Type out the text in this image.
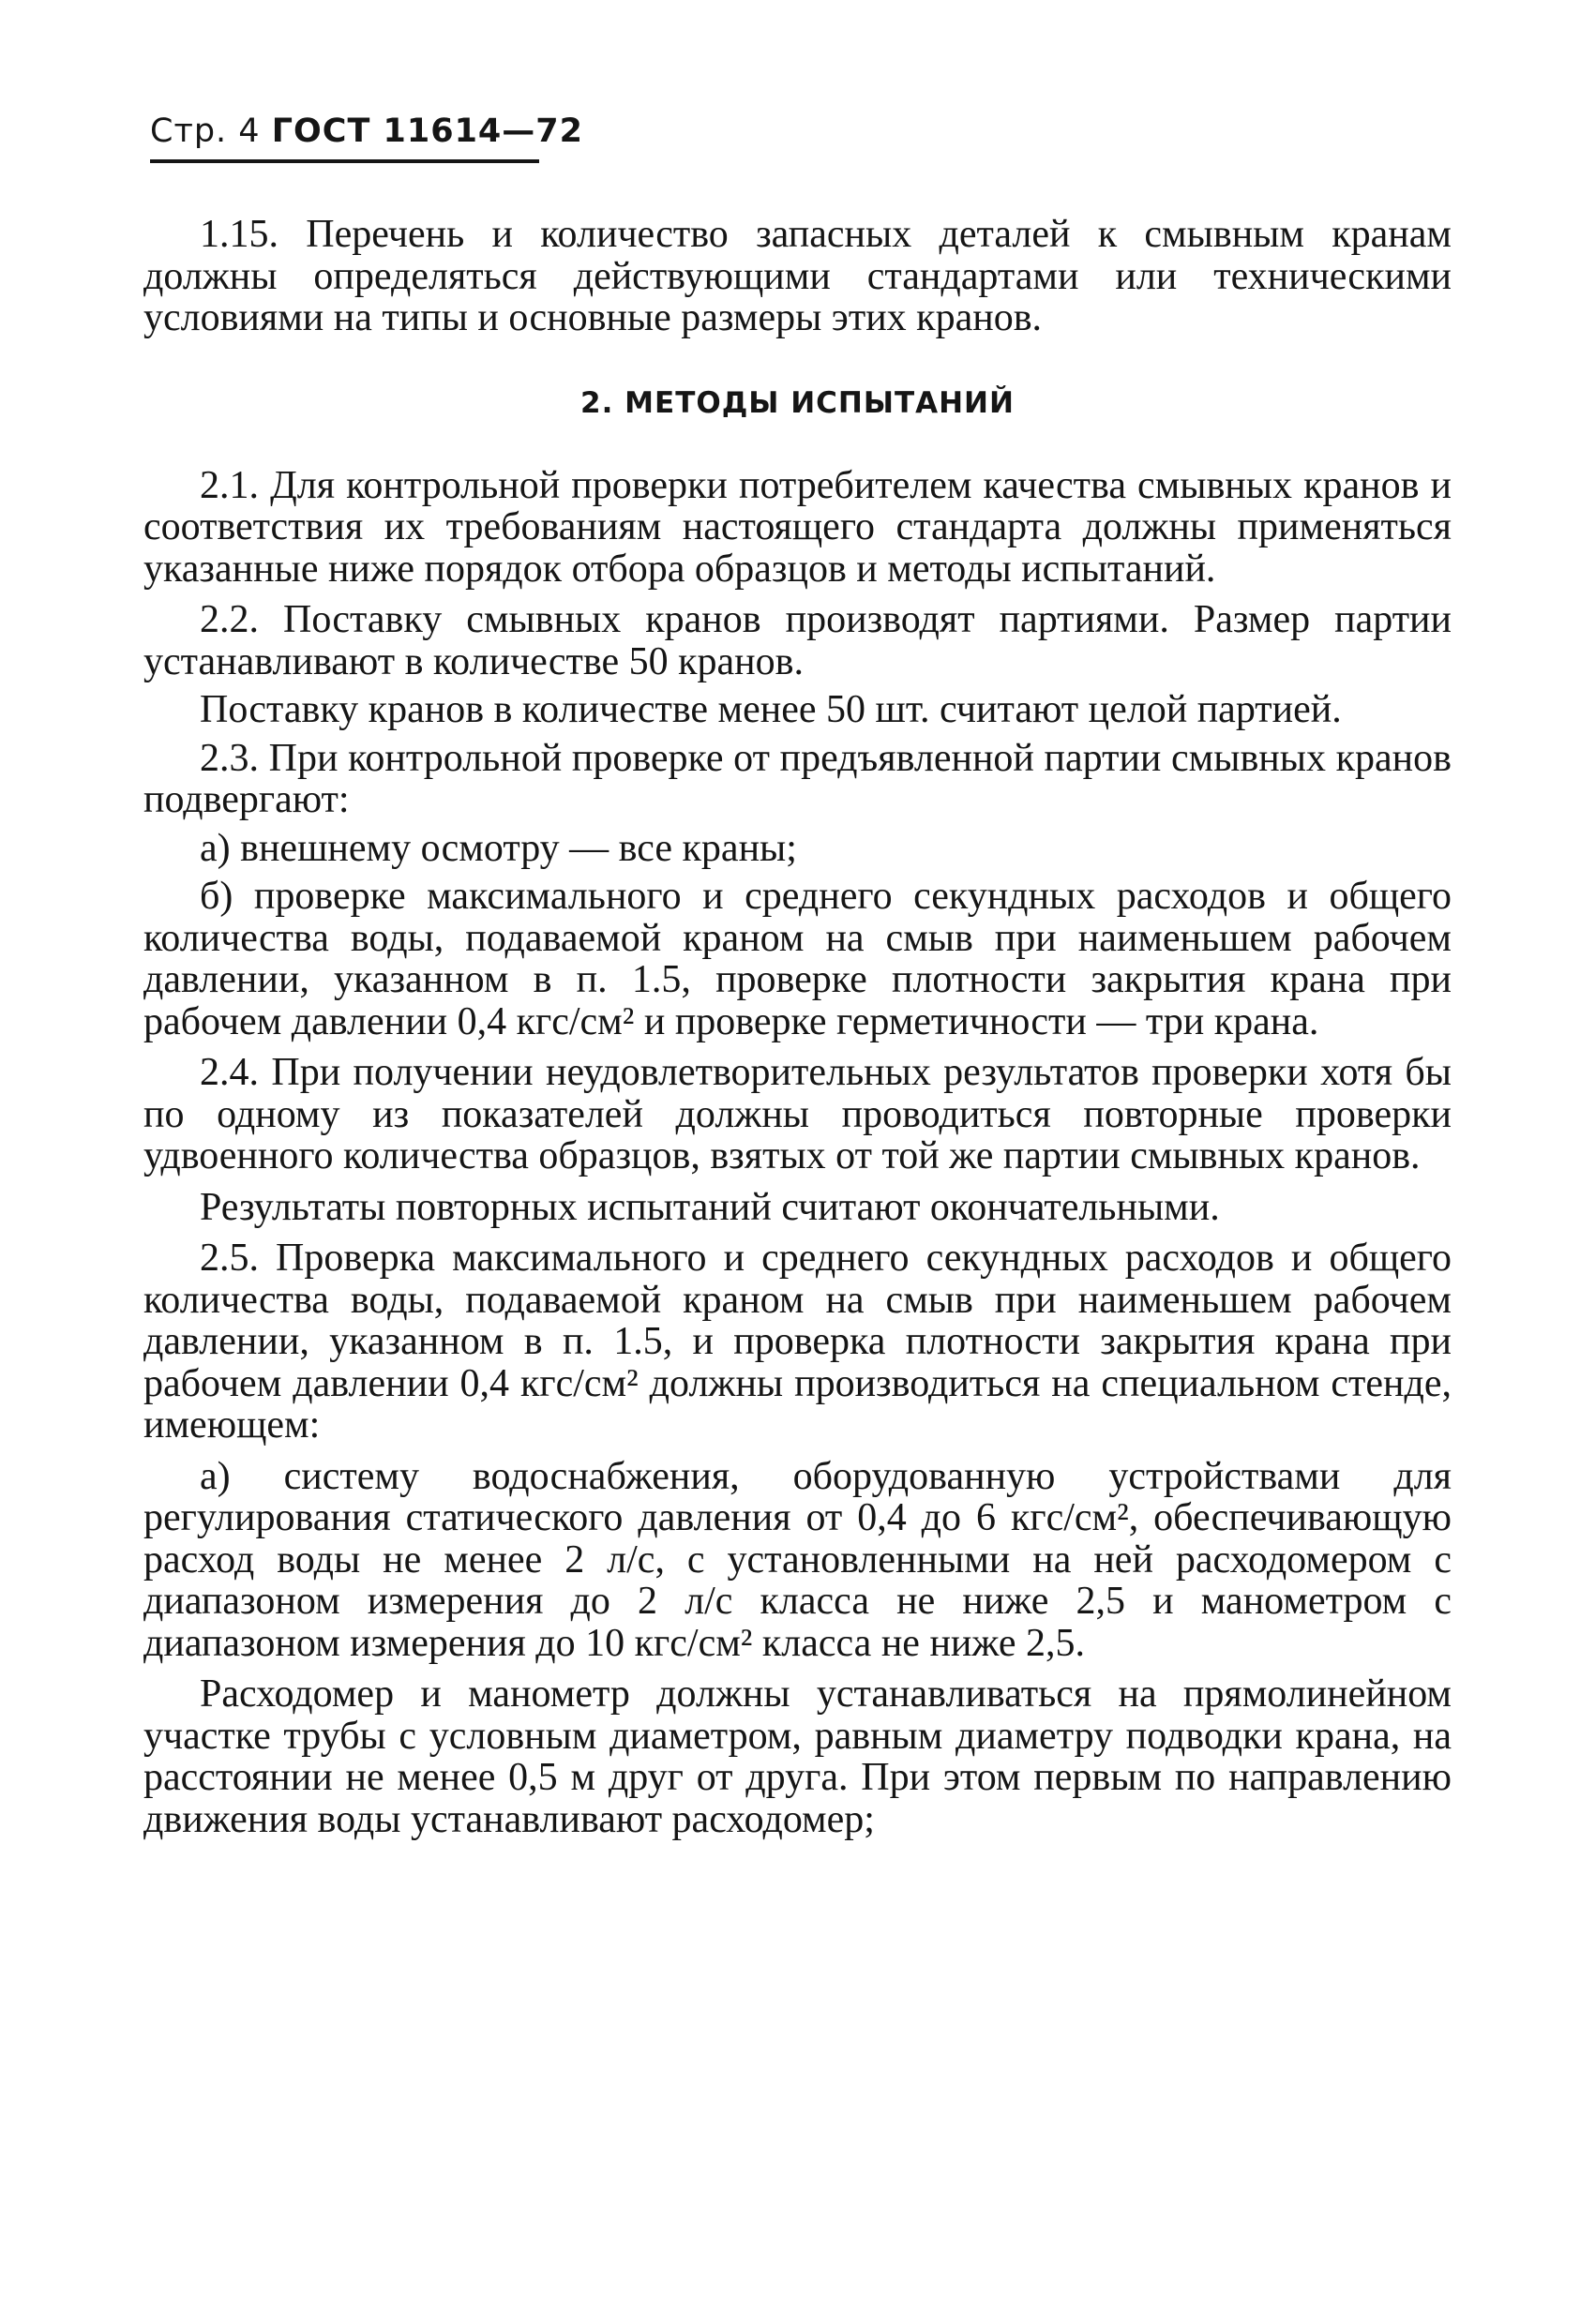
Стр. 4 ГОСТ 11614—72

1.15. Перечень и количество запасных деталей к смывным кранам должны определяться действующими стандартами или техническими условиями на типы и основные размеры этих кранов.

2. МЕТОДЫ ИСПЫТАНИЙ

2.1. Для контрольной проверки потребителем качества смывных кранов и соответствия их требованиям настоящего стандарта должны применяться указанные ниже порядок отбора образцов и методы испытаний.

2.2. Поставку смывных кранов производят партиями. Размер партии устанавливают в количестве 50 кранов.

Поставку кранов в количестве менее 50 шт. считают целой партией.

2.3. При контрольной проверке от предъявленной партии смывных кранов подвергают:

а) внешнему осмотру — все краны;

б) проверке максимального и среднего секундных расходов и общего количества воды, подаваемой краном на смыв при наименьшем рабочем давлении, указанном в п. 1.5, проверке плотности закрытия крана при рабочем давлении 0,4 кгс/см² и проверке герметичности — три крана.

2.4. При получении неудовлетворительных результатов проверки хотя бы по одному из показателей должны проводиться повторные проверки удвоенного количества образцов, взятых от той же партии смывных кранов.

Результаты повторных испытаний считают окончательными.

2.5. Проверка максимального и среднего секундных расходов и общего количества воды, подаваемой краном на смыв при наименьшем рабочем давлении, указанном в п. 1.5, и проверка плотности закрытия крана при рабочем давлении 0,4 кгс/см² должны производиться на специальном стенде, имеющем:

а) систему водоснабжения, оборудованную устройствами для регулирования статического давления от 0,4 до 6 кгс/см², обеспечивающую расход воды не менее 2 л/с, с установленными на ней расходомером с диапазоном измерения до 2 л/с класса не ниже 2,5 и манометром с диапазоном измерения до 10 кгс/см² класса не ниже 2,5.

Расходомер и манометр должны устанавливаться на прямолинейном участке трубы с условным диаметром, равным диаметру подводки крана, на расстоянии не менее 0,5 м друг от друга. При этом первым по направлению движения воды устанавливают расходомер;
